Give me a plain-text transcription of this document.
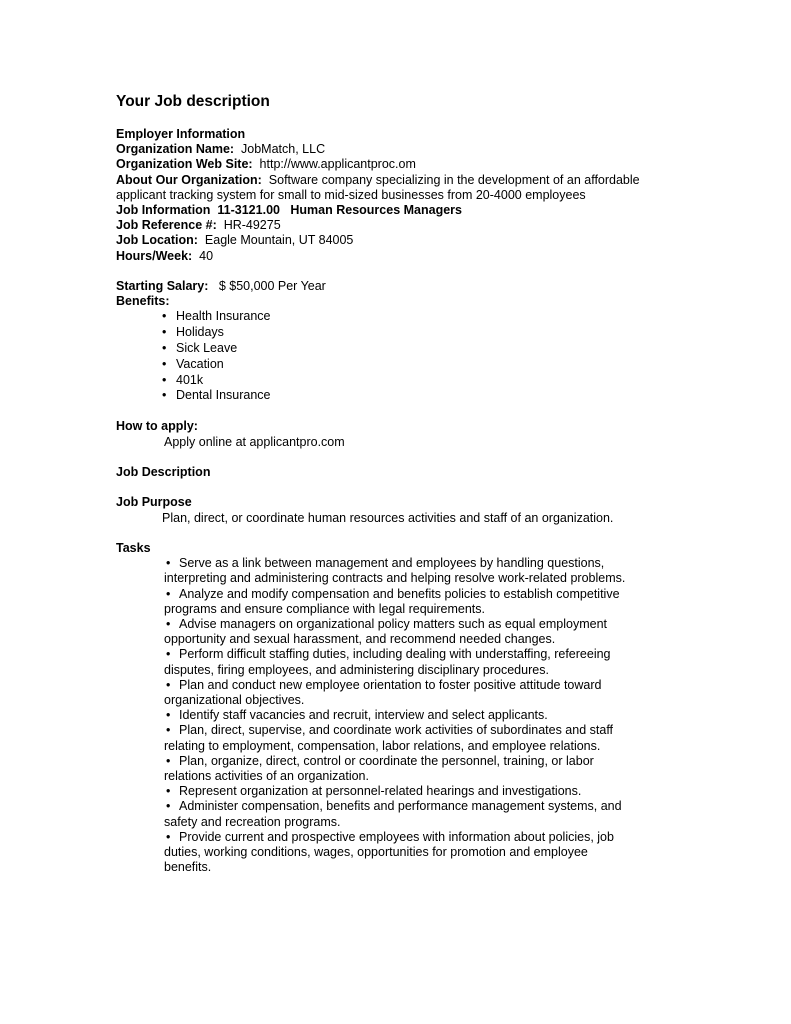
Your Job description

Employer Information

Organization Name: JobMatch, LLC

Organization Web Site: http://www.applicantproc.om

About Our Organization: Software company specializing in the development of an affordable applicant tracking system for small to mid-sized businesses from 20-4000 employees

Job Information 11-3121.00 Human Resources Managers

Job Reference #: HR-49275

Job Location: Eagle Mountain, UT 84005

Hours/Week: 40

Starting Salary: $ $50,000 Per Year

Benefits:

• Health Insurance
• Holidays
• Sick Leave
• Vacation
• 401k
• Dental Insurance

How to apply:

Apply online at applicantpro.com

Job Description

Job Purpose

Plan, direct, or coordinate human resources activities and staff of an organization.

Tasks

• Serve as a link between management and employees by handling questions, interpreting and administering contracts and helping resolve work-related problems.

• Analyze and modify compensation and benefits policies to establish competitive programs and ensure compliance with legal requirements.

• Advise managers on organizational policy matters such as equal employment opportunity and sexual harassment, and recommend needed changes.

• Perform difficult staffing duties, including dealing with understaffing, refereeing disputes, firing employees, and administering disciplinary procedures.

• Plan and conduct new employee orientation to foster positive attitude toward organizational objectives.

• Identify staff vacancies and recruit, interview and select applicants.

• Plan, direct, supervise, and coordinate work activities of subordinates and staff relating to employment, compensation, labor relations, and employee relations.

• Plan, organize, direct, control or coordinate the personnel, training, or labor relations activities of an organization.

• Represent organization at personnel-related hearings and investigations.

• Administer compensation, benefits and performance management systems, and safety and recreation programs.

• Provide current and prospective employees with information about policies, job duties, working conditions, wages, opportunities for promotion and employee benefits.
